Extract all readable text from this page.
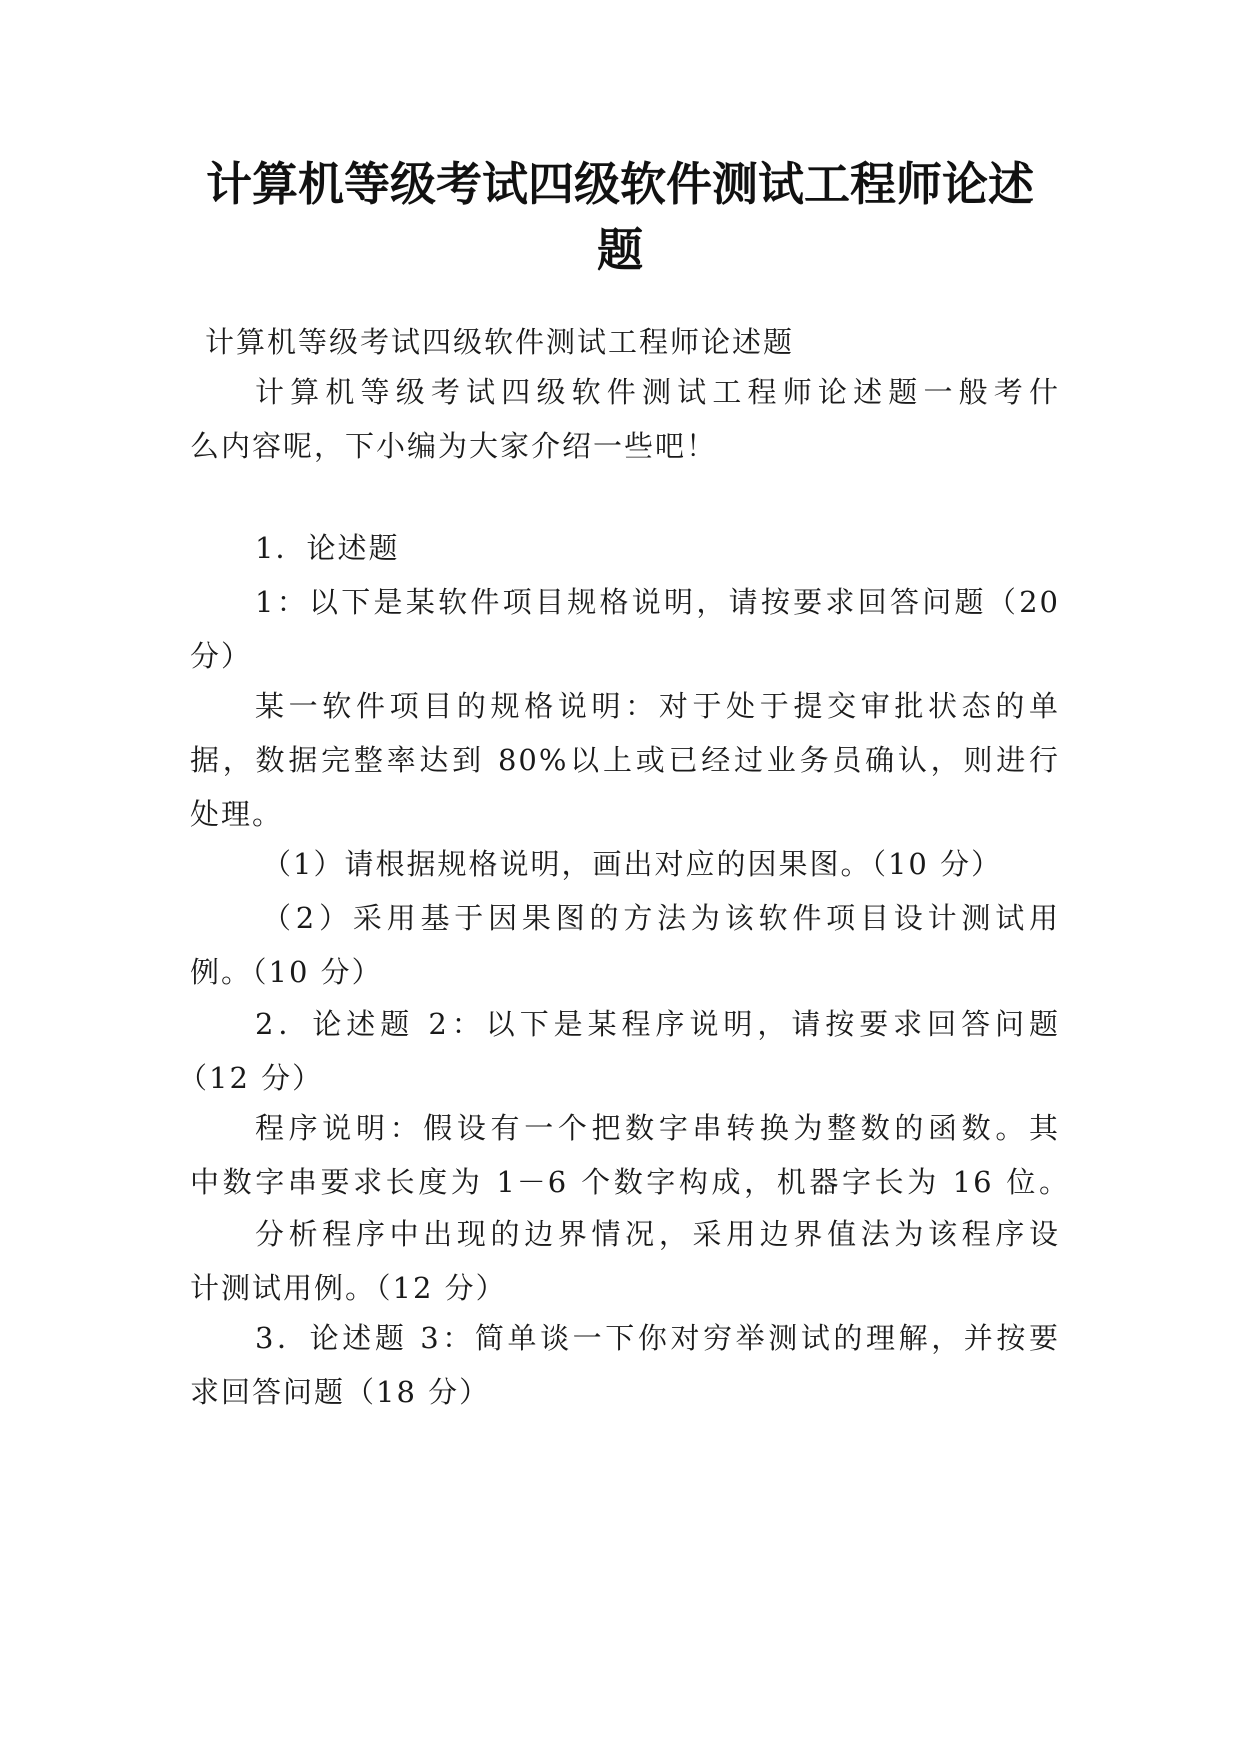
计算机等级考试四级软件测试工程师论述
题
计算机等级考试四级软件测试工程师论述题
计算机等级考试四级软件测试工程师论述题一般考什
么内容呢，下小编为大家介绍一些吧！
1．论述题
1：以下是某软件项目规格说明，请按要求回答问题（20
分）
某一软件项目的规格说明：对于处于提交审批状态的单
据，数据完整率达到 80%以上或已经过业务员确认，则进行
处理。
（1）请根据规格说明，画出对应的因果图。（10 分）
（2）采用基于因果图的方法为该软件项目设计测试用
例。（10 分）
2．论述题 2：以下是某程序说明，请按要求回答问题
（12 分）
程序说明：假设有一个把数字串转换为整数的函数。其
中数字串要求长度为 1－6 个数字构成，机器字长为 16 位。
分析程序中出现的边界情况，采用边界值法为该程序设
计测试用例。（12 分）
3．论述题 3：简单谈一下你对穷举测试的理解，并按要
求回答问题（18 分）
